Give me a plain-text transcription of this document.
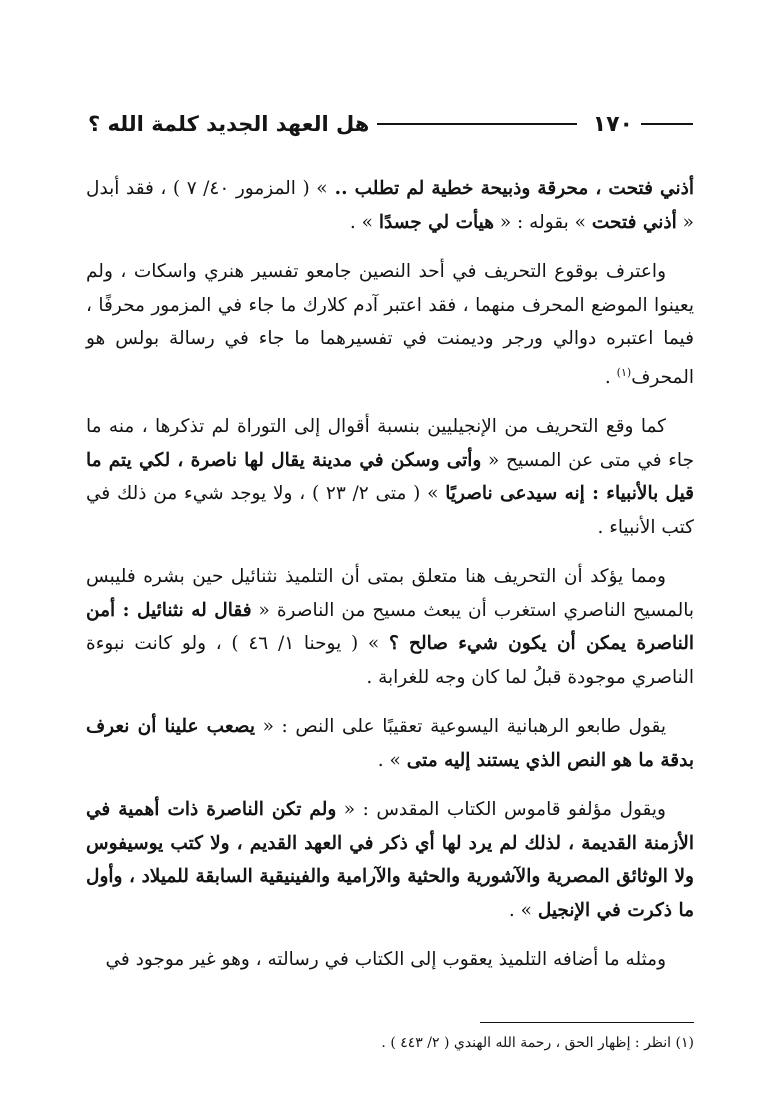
١٧٠
هل العهد الجديد كلمة الله ؟

أذني فتحت ، محرقة وذبيحة خطية لم تطلب .. » ( المزمور ٤٠/ ٧ ) ، فقد أبدل « أذني فتحت » بقوله : « هيأت لي جسدًا » .

واعترف بوقوع التحريف في أحد النصين جامعو تفسير هنري واسكات ، ولم يعينوا الموضع المحرف منهما ، فقد اعتبر آدم كلارك ما جاء في المزمور محرفًا ، فيما اعتبره دوالي ورجر وديمنت في تفسيرهما ما جاء في رسالة بولس هو المحرف$^{(١)}$ .

كما وقع التحريف من الإنجيليين بنسبة أقوال إلى التوراة لم تذكرها ، منه ما جاء في متى عن المسيح « وأتى وسكن في مدينة يقال لها ناصرة ، لكي يتم ما قيل بالأنبياء : إنه سيدعى ناصريًا » ( متى ٢/ ٢٣ ) ، ولا يوجد شيء من ذلك في كتب الأنبياء .

ومما يؤكد أن التحريف هنا متعلق بمتى أن التلميذ نثنائيل حين بشره فليبس بالمسيح الناصري استغرب أن يبعث مسيح من الناصرة « فقال له نثنائيل : أمن الناصرة يمكن أن يكون شيء صالح ؟ » ( يوحنا ١/ ٤٦ ) ، ولو كانت نبوءة الناصري موجودة قبلُ لما كان وجه للغرابة .

يقول طابعو الرهبانية اليسوعية تعقيبًا على النص : « يصعب علينا أن نعرف بدقة ما هو النص الذي يستند إليه متى » .

ويقول مؤلفو قاموس الكتاب المقدس : « ولم تكن الناصرة ذات أهمية في الأزمنة القديمة ، لذلك لم يرد لها أي ذكر في العهد القديم ، ولا كتب يوسيفوس ولا الوثائق المصرية والآشورية والحثية والآرامية والفينيقية السابقة للميلاد ، وأول ما ذكرت في الإنجيل » .

ومثله ما أضافه التلميذ يعقوب إلى الكتاب في رسالته ، وهو غير موجود في

(١) انظر : إظهار الحق ، رحمة الله الهندي ( ٢/ ٤٤٣ ) .
